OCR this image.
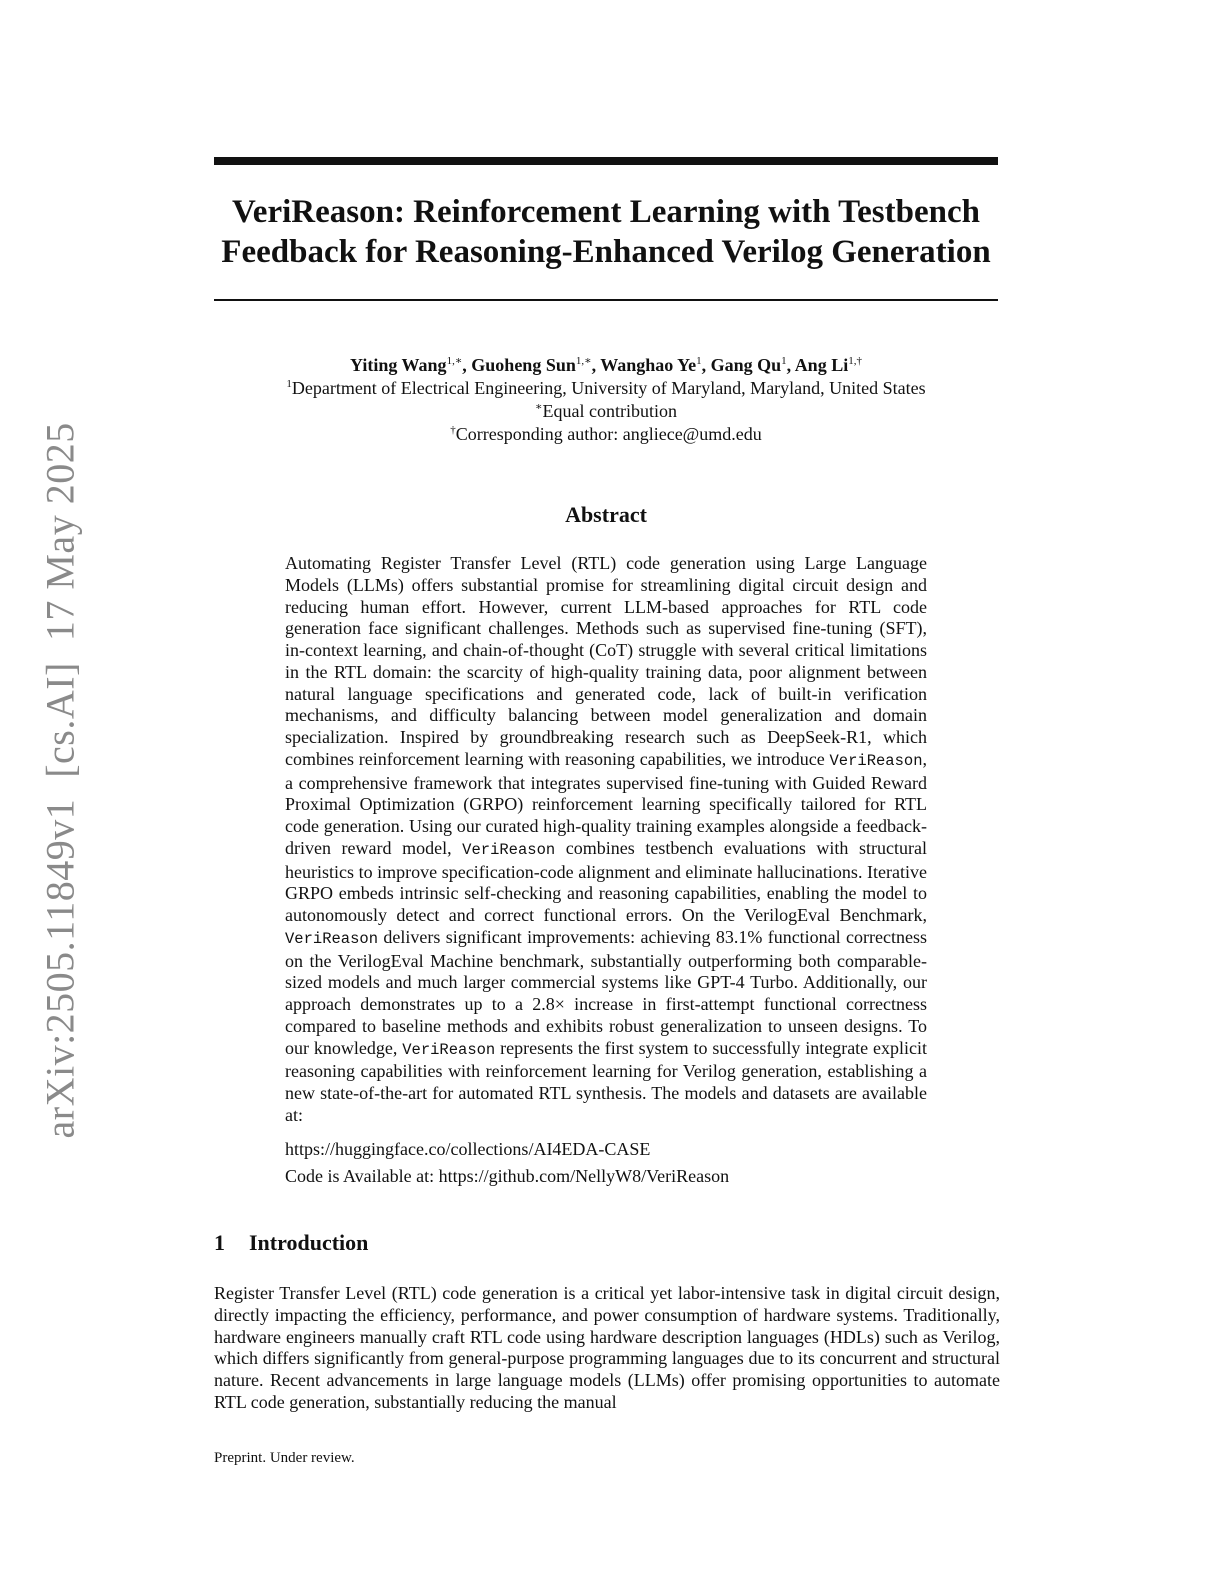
arXiv:2505.11849v1  [cs.AI]  17 May 2025
VeriReason: Reinforcement Learning with Testbench Feedback for Reasoning-Enhanced Verilog Generation
Yiting Wang$^{1,∗}$, Guoheng Sun$^{1,∗}$, Wanghao Ye$^1$, Gang Qu$^1$, Ang $Li^{1,\dagger}$
$^1$Department of Electrical Engineering, University of Maryland, Maryland, United States
∗Equal contribution
†Corresponding author: angliece@umd.edu
Abstract

Automating Register Transfer Level (RTL) code generation using Large Language Models (LLMs) offers substantial promise for streamlining digital circuit design and reducing human effort. However, current LLM-based approaches for RTL code generation face significant challenges. Methods such as supervised fine-tuning (SFT), in-context learning, and chain-of-thought (CoT) struggle with several critical limitations in the RTL domain: the scarcity of high-quality training data, poor alignment between natural language specifications and generated code, lack of built-in verification mechanisms, and difficulty balancing between model generalization and domain specialization. Inspired by groundbreaking research such as DeepSeek-R1, which combines reinforcement learning with reasoning capabilities, we introduce VeriReason, a comprehensive framework that integrates supervised fine-tuning with Guided Reward Proximal Optimization (GRPO) reinforcement learning specifically tailored for RTL code generation. Using our curated high-quality training examples alongside a feedback-driven reward model, VeriReason combines testbench evaluations with structural heuristics to improve specification-code alignment and eliminate hallucinations. Iterative GRPO embeds intrinsic self-checking and reasoning capabilities, enabling the model to autonomously detect and correct functional errors. On the VerilogEval Benchmark, VeriReason delivers significant improvements: achieving 83.1% functional correctness on the VerilogEval Machine benchmark, substantially outperforming both comparable-sized models and much larger commercial systems like GPT-4 Turbo. Additionally, our approach demonstrates up to a 2.8× increase in first-attempt functional correctness compared to baseline methods and exhibits robust generalization to unseen designs. To our knowledge, VeriReason represents the first system to successfully integrate explicit reasoning capabilities with reinforcement learning for Verilog generation, establishing a new state-of-the-art for automated RTL synthesis. The models and datasets are available at:

https://huggingface.co/collections/AI4EDA-CASE

Code is Available at: https://github.com/NellyW8/VeriReason

1 Introduction

Register Transfer Level (RTL) code generation is a critical yet labor-intensive task in digital circuit design, directly impacting the efficiency, performance, and power consumption of hardware systems. Traditionally, hardware engineers manually craft RTL code using hardware description languages (HDLs) such as Verilog, which differs significantly from general-purpose programming languages due to its concurrent and structural nature. Recent advancements in large language models (LLMs) offer promising opportunities to automate RTL code generation, substantially reducing the manual

Preprint. Under review.
